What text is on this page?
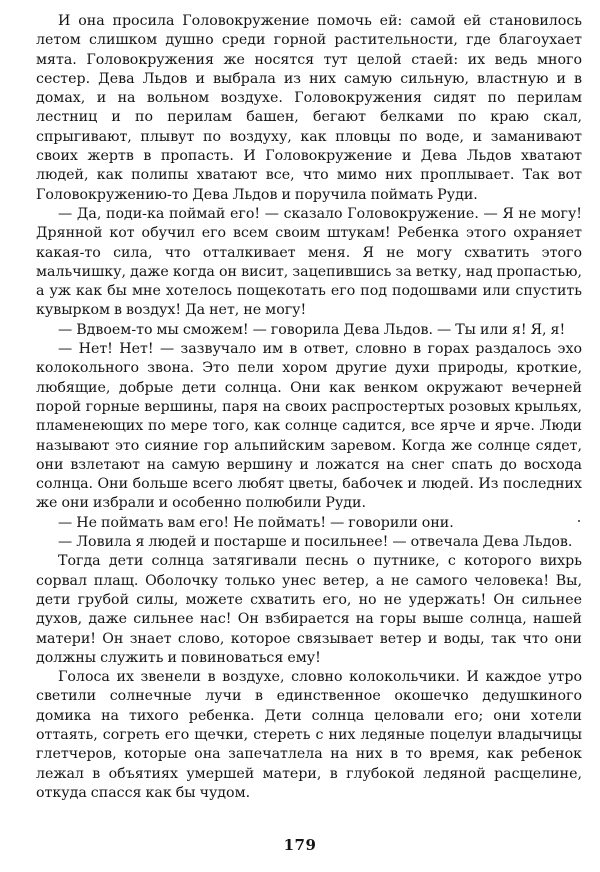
И она просила Головокружение помочь ей: самой ей становилось летом слишком душно среди горной растительности, где благоухает мята. Головокружения же носятся тут целой стаей: их ведь много сестер. Дева Льдов и выбрала из них самую сильную, властную и в домах, и на вольном воздухе. Головокружения сидят по перилам лестниц и по перилам башен, бегают белками по краю скал, спрыгивают, плывут по воздуху, как пловцы по воде, и заманивают своих жертв в пропасть. И Головокружение и Дева Льдов хватают людей, как полипы хватают все, что мимо них проплывает. Так вот Головокружению-то Дева Льдов и поручила поймать Руди.

— Да, поди-ка поймай его! — сказало Головокружение. — Я не могу! Дрянной кот обучил его всем своим штукам! Ребенка этого охраняет какая-то сила, что отталкивает меня. Я не могу схватить этого мальчишку, даже когда он висит, зацепившись за ветку, над пропастью, а уж как бы мне хотелось пощекотать его под подошвами или спустить кувырком в воздух! Да нет, не могу!

— Вдвоем-то мы сможем! — говорила Дева Льдов. — Ты или я! Я, я!

— Нет! Нет! — зазвучало им в ответ, словно в горах раздалось эхо колокольного звона. Это пели хором другие духи природы, кроткие, любящие, добрые дети солнца. Они как венком окружают вечерней порой горные вершины, паря на своих распростертых розовых крыльях, пламенеющих по мере того, как солнце садится, все ярче и ярче. Люди называют это сияние гор альпийским заревом. Когда же солнце сядет, они взлетают на самую вершину и ложатся на снег спать до восхода солнца. Они больше всего любят цветы, бабочек и людей. Из последних же они избрали и особенно полюбили Руди.

— Не поймать вам его! Не поймать! — говорили они.

— Ловила я людей и постарше и посильнее! — отвечала Дева Льдов.

Тогда дети солнца затягивали песнь о путнике, с которого вихрь сорвал плащ. Оболочку только унес ветер, а не самого человека! Вы, дети грубой силы, можете схватить его, но не удержать! Он сильнее духов, даже сильнее нас! Он взбирается на горы выше солнца, нашей матери! Он знает слово, которое связывает ветер и воды, так что они должны служить и повиноваться ему!

Голоса их звенели в воздухе, словно колокольчики. И каждое утро светили солнечные лучи в единственное окошечко дедушкиного домика на тихого ребенка. Дети солнца целовали его; они хотели оттаять, согреть его щечки, стереть с них ледяные поцелуи владычицы глетчеров, которые она запечатлела на них в то время, как ребенок лежал в объятиях умершей матери, в глубокой ледяной расщелине, откуда спасся как бы чудом.

179
